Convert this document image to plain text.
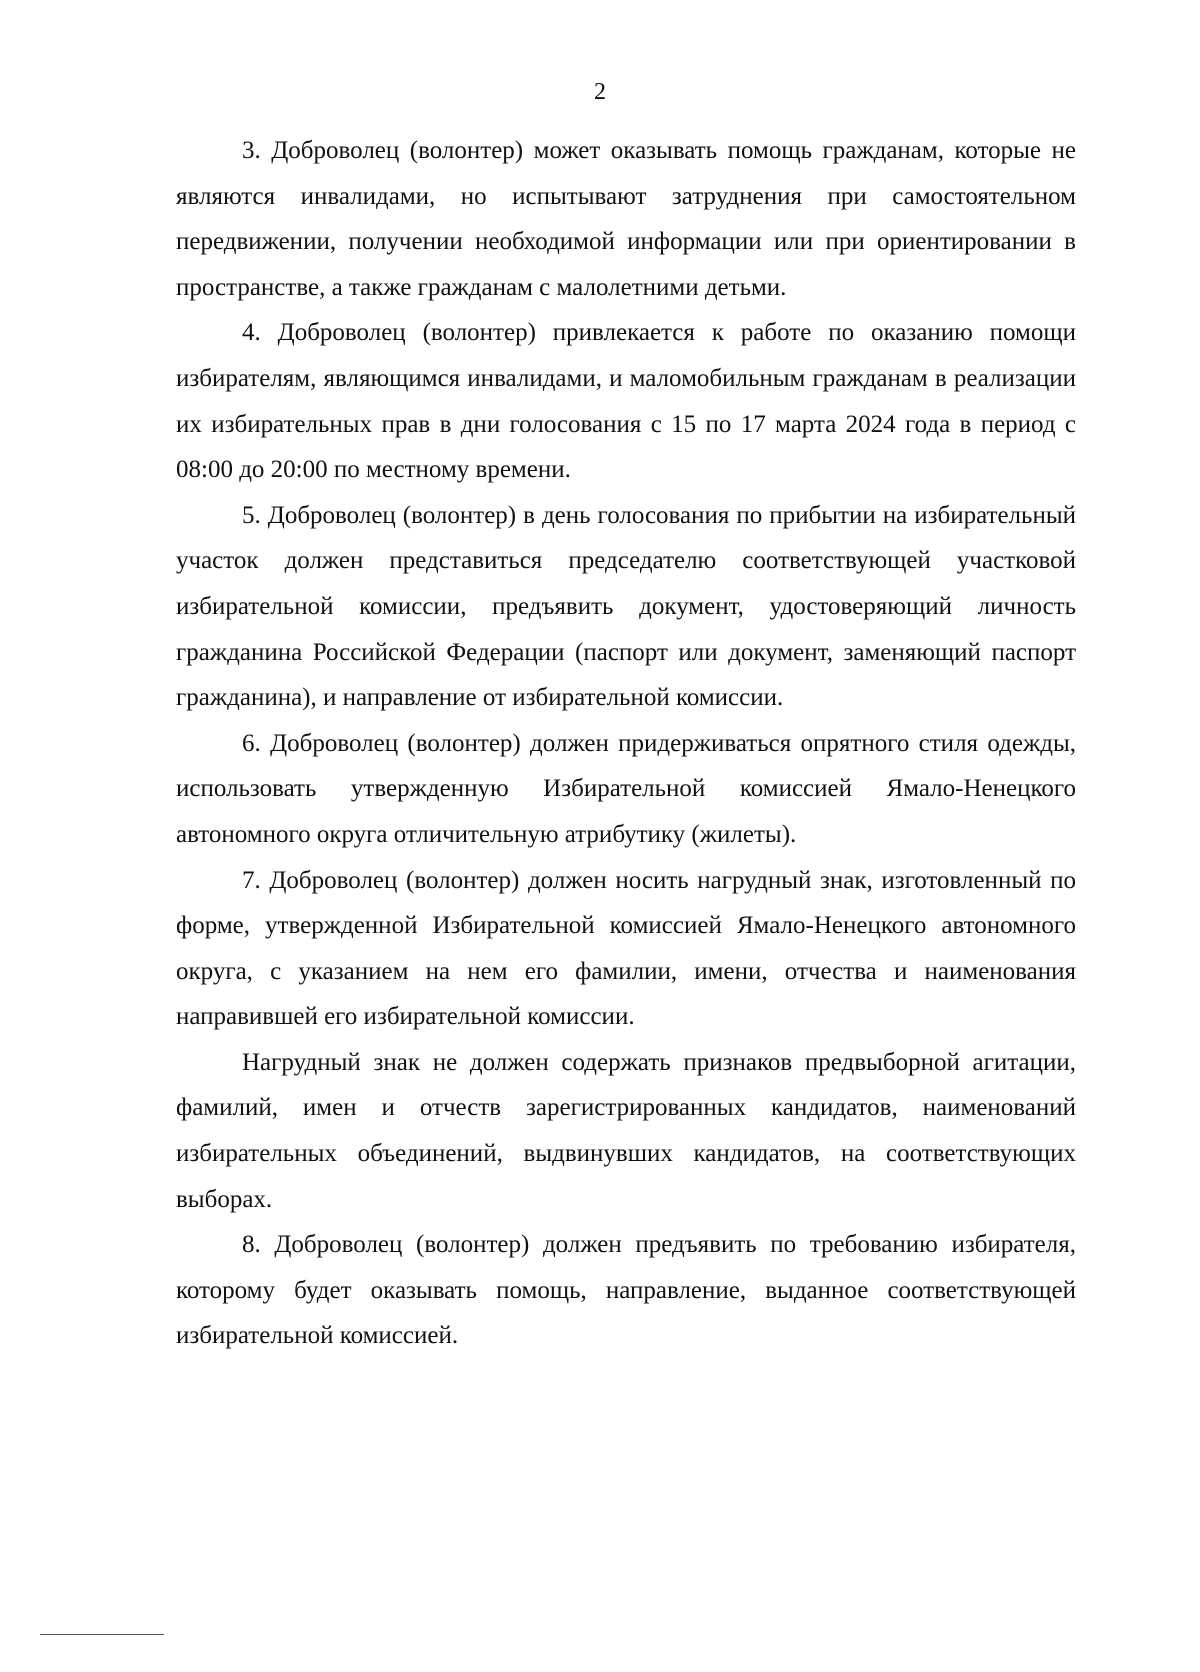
2

3. Доброволец (волонтер) может оказывать помощь гражданам, которые не являются инвалидами, но испытывают затруднения при самостоятельном передвижении, получении необходимой информации или при ориентировании в пространстве, а также гражданам с малолетними детьми.

4. Доброволец (волонтер) привлекается к работе по оказанию помощи избирателям, являющимся инвалидами, и маломобильным гражданам в реализации их избирательных прав в дни голосования с 15 по 17 марта 2024 года в период с 08:00 до 20:00 по местному времени.

5. Доброволец (волонтер) в день голосования по прибытии на избирательный участок должен представиться председателю соответствующей участковой избирательной комиссии, предъявить документ, удостоверяющий личность гражданина Российской Федерации (паспорт или документ, заменяющий паспорт гражданина), и направление от избирательной комиссии.

6. Доброволец (волонтер) должен придерживаться опрятного стиля одежды, использовать утвержденную Избирательной комиссией Ямало-Ненецкого автономного округа отличительную атрибутику (жилеты).

7. Доброволец (волонтер) должен носить нагрудный знак, изготовленный по форме, утвержденной Избирательной комиссией Ямало-Ненецкого автономного округа, с указанием на нем его фамилии, имени, отчества и наименования направившей его избирательной комиссии.

Нагрудный знак не должен содержать признаков предвыборной агитации, фамилий, имен и отчеств зарегистрированных кандидатов, наименований избирательных объединений, выдвинувших кандидатов, на соответствующих выборах.

8. Доброволец (волонтер) должен предъявить по требованию избирателя, которому будет оказывать помощь, направление, выданное соответствующей избирательной комиссией.
